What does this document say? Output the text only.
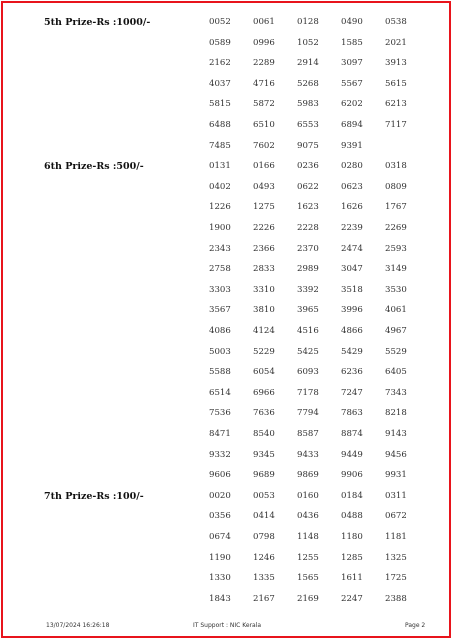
5th Prize-Rs :1000/-	0052	0061	0128	0490	0538
0589	0996	1052	1585	2021
2162	2289	2914	3097	3913
4037	4716	5268	5567	5615
5815	5872	5983	6202	6213
6488	6510	6553	6894	7117
7485	7602	9075	9391
6th Prize-Rs :500/-	0131	0166	0236	0280	0318
0402	0493	0622	0623	0809
1226	1275	1623	1626	1767
1900	2226	2228	2239	2269
2343	2366	2370	2474	2593
2758	2833	2989	3047	3149
3303	3310	3392	3518	3530
3567	3810	3965	3996	4061
4086	4124	4516	4866	4967
5003	5229	5425	5429	5529
5588	6054	6093	6236	6405
6514	6966	7178	7247	7343
7536	7636	7794	7863	8218
8471	8540	8587	8874	9143
9332	9345	9433	9449	9456
9606	9689	9869	9906	9931
7th Prize-Rs :100/-	0020	0053	0160	0184	0311
0356	0414	0436	0488	0672
0674	0798	1148	1180	1181
1190	1246	1255	1285	1325
1330	1335	1565	1611	1725
1843	2167	2169	2247	2388
13/07/2024 16:26:18	IT Support : NIC Kerala	Page 2
